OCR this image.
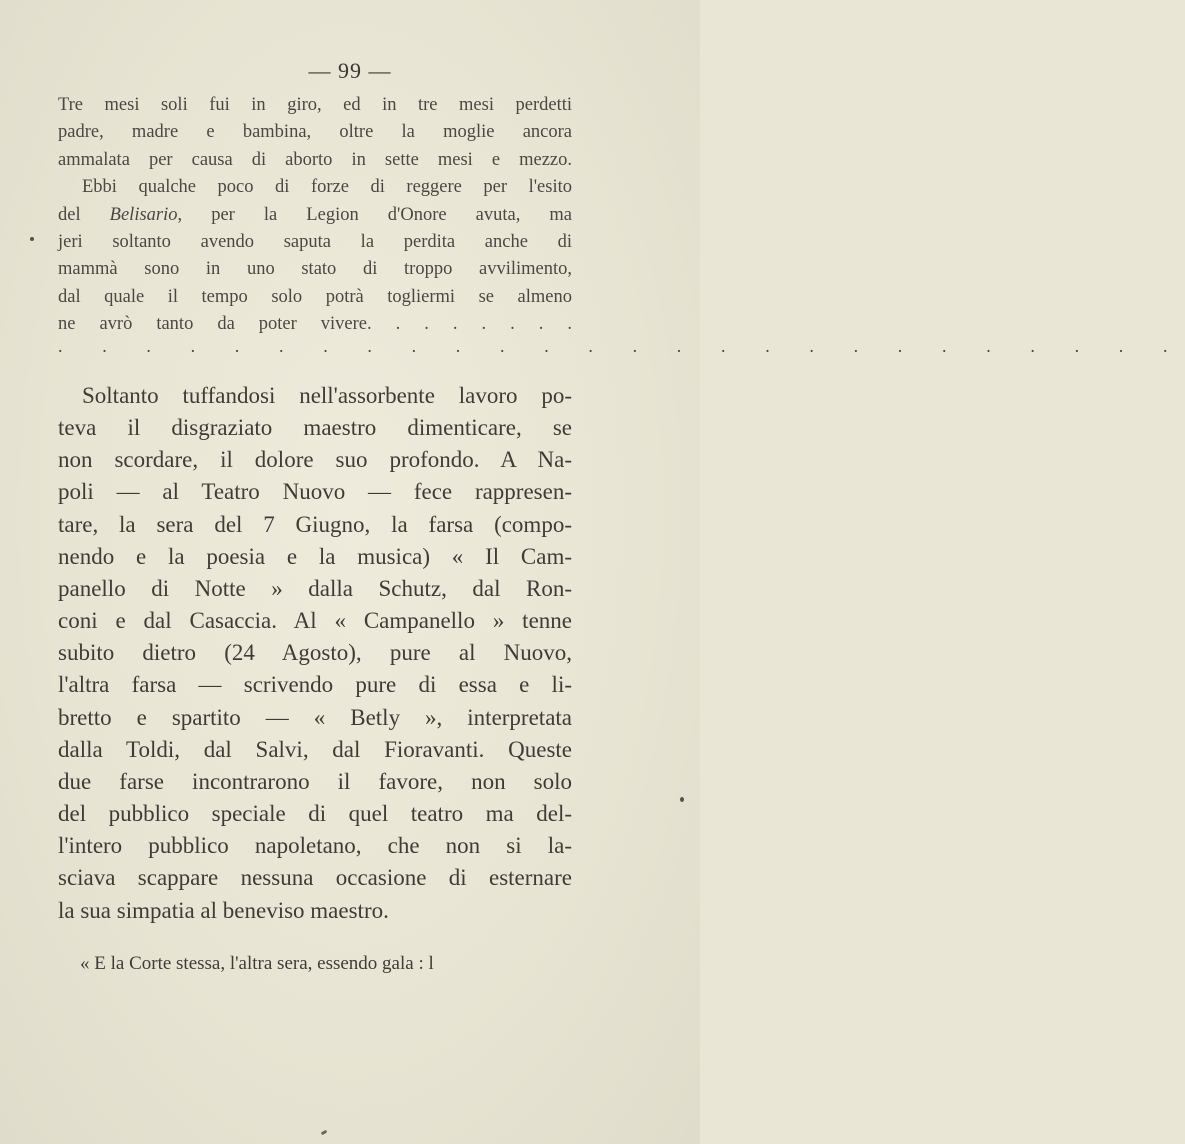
— 99 —
Tre mesi soli fui in giro, ed in tre mesi perdetti
padre, madre e bambina, oltre la moglie ancora
ammalata per causa di aborto in sette mesi e mezzo.
Ebbi qualche poco di forze di reggere per l'esito
del Belisario, per la Legion d'Onore avuta, ma
jeri soltanto avendo saputa la perdita anche di
mammà sono in uno stato di troppo avvilimento,
dal quale il tempo solo potrà togliermi se almeno
ne avrò tanto da poter vivere. . . . . . . .
. . . . . . . . . . . . . . . . . . . . . . . . . .
Soltanto tuffandosi nell'assorbente lavoro po-
teva il disgraziato maestro dimenticare, se
non scordare, il dolore suo profondo. A Na-
poli — al Teatro Nuovo — fece rappresen-
tare, la sera del 7 Giugno, la farsa (compo-
nendo e la poesia e la musica) « Il Cam-
panello di Notte » dalla Schutz, dal Ron-
coni e dal Casaccia. Al « Campanello » tenne
subito dietro (24 Agosto), pure al Nuovo,
l'altra farsa — scrivendo pure di essa e li-
bretto e spartito — « Betly », interpretata
dalla Toldi, dal Salvi, dal Fioravanti. Queste
due farse incontrarono il favore, non solo
del pubblico speciale di quel teatro ma del-
l'intero pubblico napoletano, che non si la-
sciava scappare nessuna occasione di esternare
la sua simpatia al beneviso maestro.
« E la Corte stessa, l'altra sera, essendo gala : l
